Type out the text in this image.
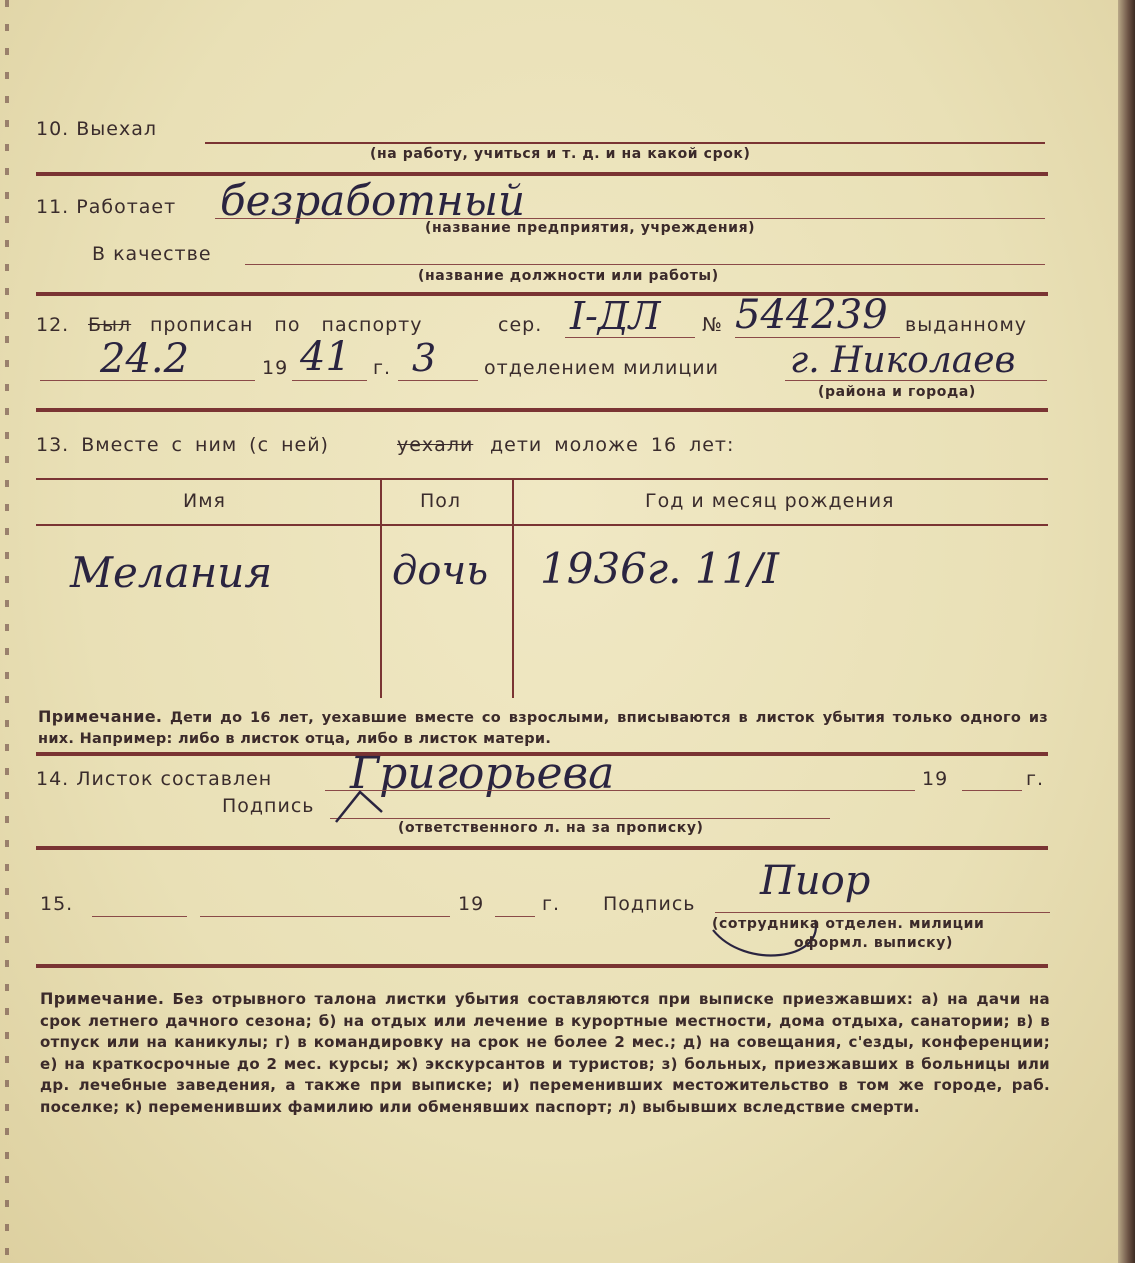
10. Выехал
(на работу, учиться и т. д. и на какой срок)
11. Работает безработный
(название предприятия, учреждения)
В качестве
(название должности или работы)
12. Был прописан по паспорту	сер. I-ДЛ № 544239 выданному
24.2	19 41 г. 3	отделением милиции г. Николаев
(района и города)
13. Вместе с ним (с ней)	уехали дети моложе 16 лет:
Имя	Пол	Год и месяц рождения
Мелания	дочь 1936г. 11/I
Примечание. Дети до 16 лет, уехавшие вместе со взрослыми, вписываются в листок убытия только одного из них. Например: либо в листок отца, либо в листок матери.
14. Листок составлен Григорьева	19	г.
Подпись
(ответственного л. на за прописку)
15.	19	г. Подпись Пиор
(сотрудника отделен. милиции
оформл. выписку)
Примечание. Без отрывного талона листки убытия составляются при выписке приезжавших: а) на дачи на срок летнего дачного сезона; б) на отдых или лечение в курортные местности, дома отдыха, санатории; в) в отпуск или на каникулы; г) в командировку на срок не более 2 мес.; д) на совещания, с'езды, конференции; е) на краткосрочные до 2 мес. курсы; ж) экскурсантов и туристов; з) больных, приезжавших в больницы или др. лечебные заведения, а также при выписке; и) переменивших местожительство в том же городе, раб. поселке; к) переменивших фамилию или обменявших паспорт; л) выбывших вследствие смерти.
